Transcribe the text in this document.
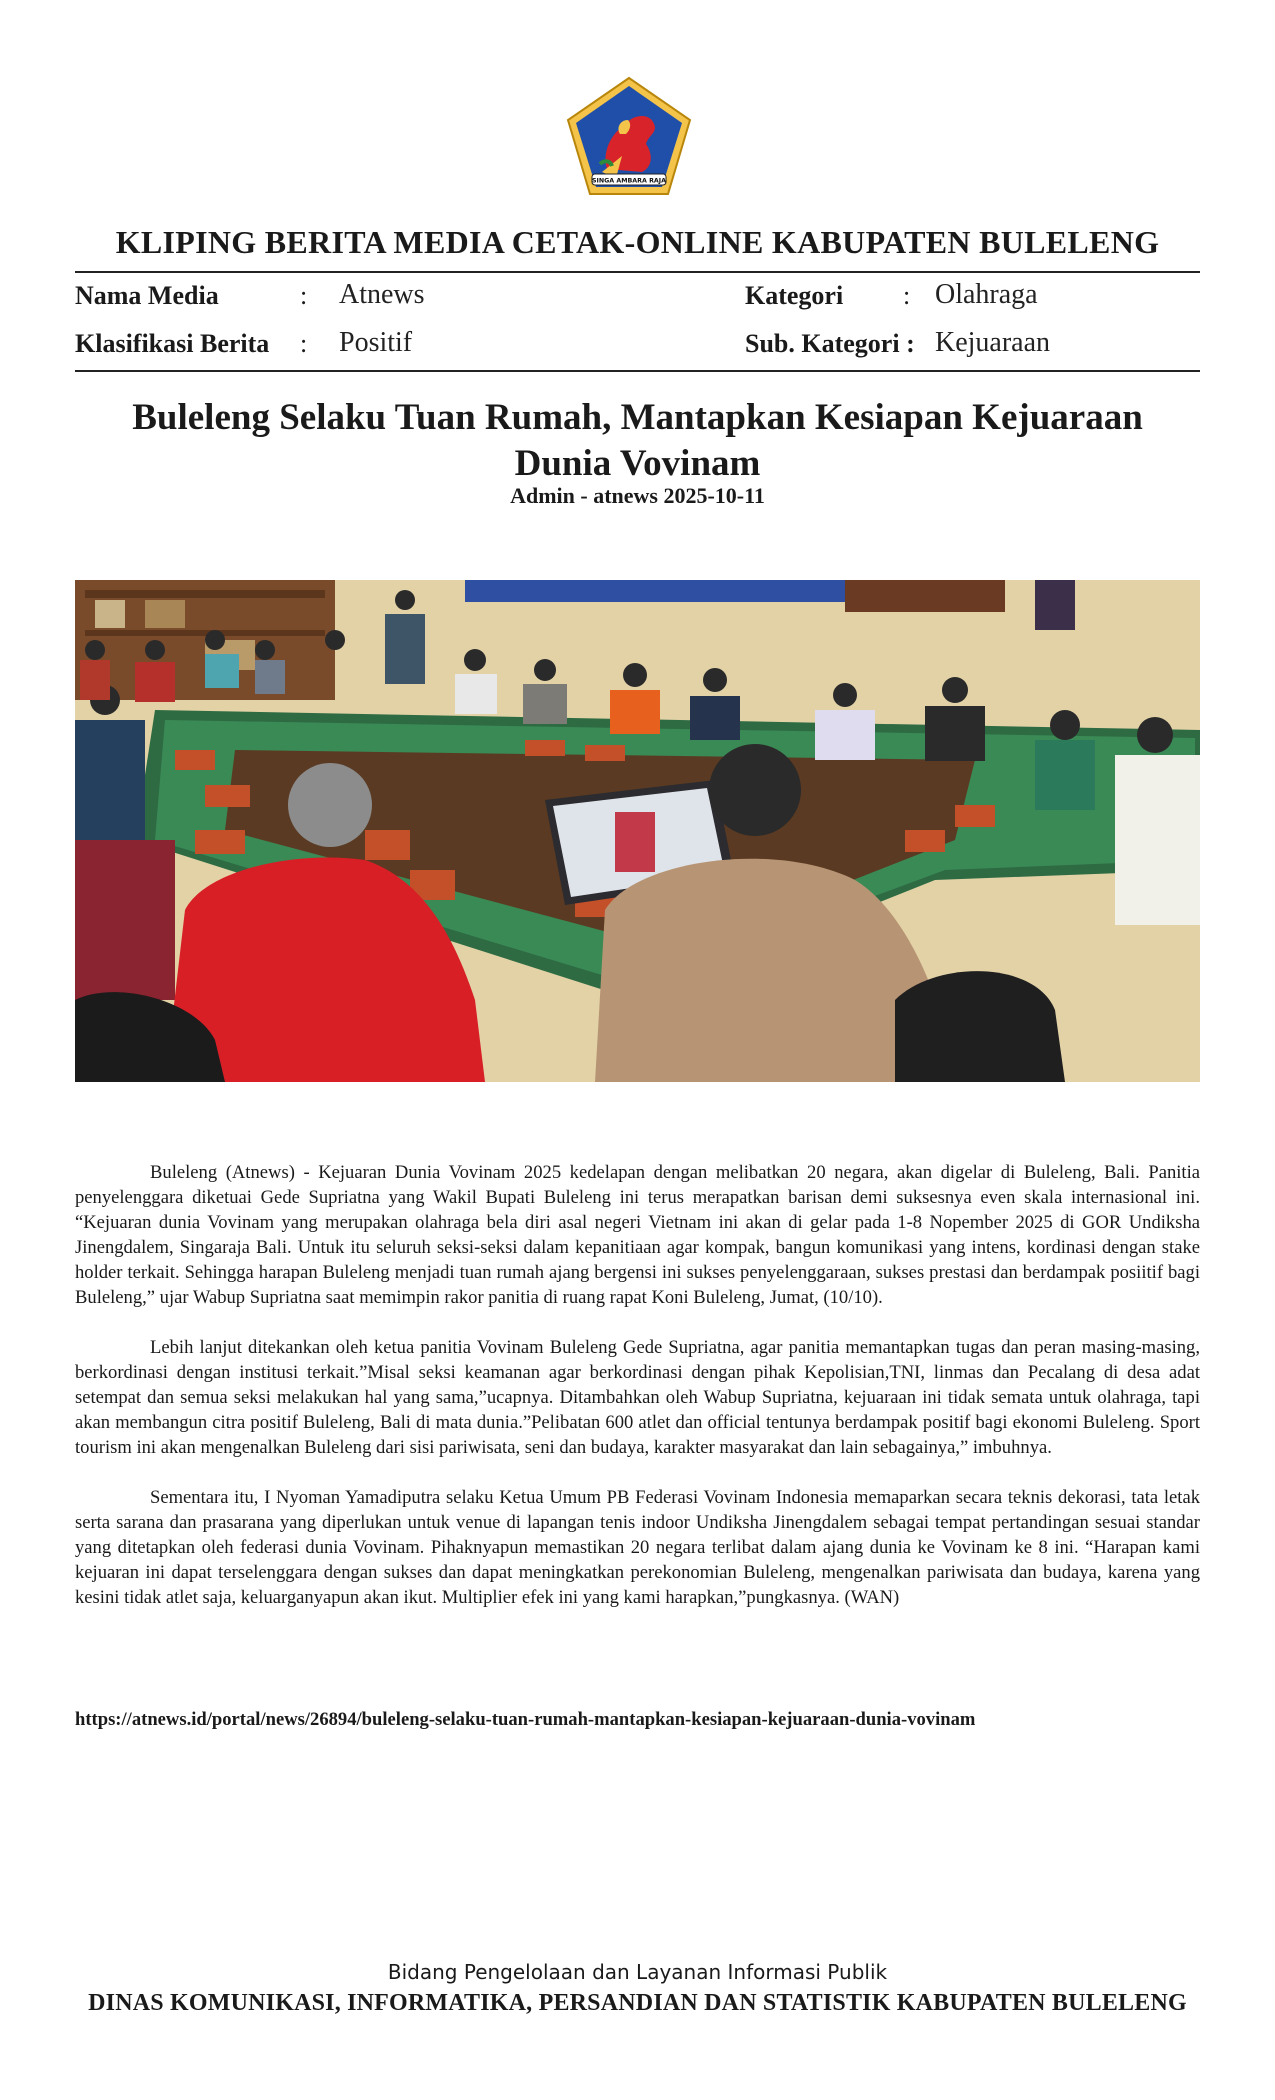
SINGA AMBARA RAJA
KLIPING BERITA MEDIA CETAK-ONLINE KABUPATEN BULELENG
Nama Media	: Atnews	Kategori : Olahraga
Klasifikasi Berita : Positif	Sub. Kategori : Kejuaraan
Buleleng Selaku Tuan Rumah, Mantapkan Kesiapan Kejuaraan
Dunia Vovinam
Admin - atnews 2025-10-11

Buleleng (Atnews) - Kejuaran Dunia Vovinam 2025 kedelapan dengan melibatkan 20 negara, akan digelar di Buleleng, Bali. Panitia penyelenggara diketuai Gede Supriatna yang Wakil Bupati Buleleng ini terus merapatkan barisan demi suksesnya even skala internasional ini. “Kejuaran dunia Vovinam yang merupakan olahraga bela diri asal negeri Vietnam ini akan di gelar pada 1-8 Nopember 2025 di GOR Undiksha Jinengdalem, Singaraja Bali. Untuk itu seluruh seksi-seksi dalam kepanitiaan agar kompak, bangun komunikasi yang intens, kordinasi dengan stake holder terkait. Sehingga harapan Buleleng menjadi tuan rumah ajang bergensi ini sukses penyelenggaraan, sukses prestasi dan berdampak posiitif bagi Buleleng,” ujar Wabup Supriatna saat memimpin rakor panitia di ruang rapat Koni Buleleng, Jumat, (10/10).

Lebih lanjut ditekankan oleh ketua panitia Vovinam Buleleng Gede Supriatna, agar panitia memantapkan tugas dan peran masing-masing, berkordinasi dengan institusi terkait.”Misal seksi keamanan agar berkordinasi dengan pihak Kepolisian,TNI, linmas dan Pecalang di desa adat setempat dan semua seksi melakukan hal yang sama,”ucapnya. Ditambahkan oleh Wabup Supriatna, kejuaraan ini tidak semata untuk olahraga, tapi akan membangun citra positif Buleleng, Bali di mata dunia.”Pelibatan 600 atlet dan official tentunya berdampak positif bagi ekonomi Buleleng. Sport tourism ini akan mengenalkan Buleleng dari sisi pariwisata, seni dan budaya, karakter masyarakat dan lain sebagainya,” imbuhnya.

Sementara itu, I Nyoman Yamadiputra selaku Ketua Umum PB Federasi Vovinam Indonesia memaparkan secara teknis dekorasi, tata letak serta sarana dan prasarana yang diperlukan untuk venue di lapangan tenis indoor Undiksha Jinengdalem sebagai tempat pertandingan sesuai standar yang ditetapkan oleh federasi dunia Vovinam. Pihaknyapun memastikan 20 negara terlibat dalam ajang dunia ke Vovinam ke 8 ini. “Harapan kami kejuaran ini dapat terselenggara dengan sukses dan dapat meningkatkan perekonomian Buleleng, mengenalkan pariwisata dan budaya, karena yang kesini tidak atlet saja, keluarganyapun akan ikut. Multiplier efek ini yang kami harapkan,”pungkasnya. (WAN)

https://atnews.id/portal/news/26894/buleleng-selaku-tuan-rumah-mantapkan-kesiapan-kejuaraan-dunia-vovinam
Bidang Pengelolaan dan Layanan Informasi Publik
DINAS KOMUNIKASI, INFORMATIKA, PERSANDIAN DAN STATISTIK KABUPATEN BULELENG
